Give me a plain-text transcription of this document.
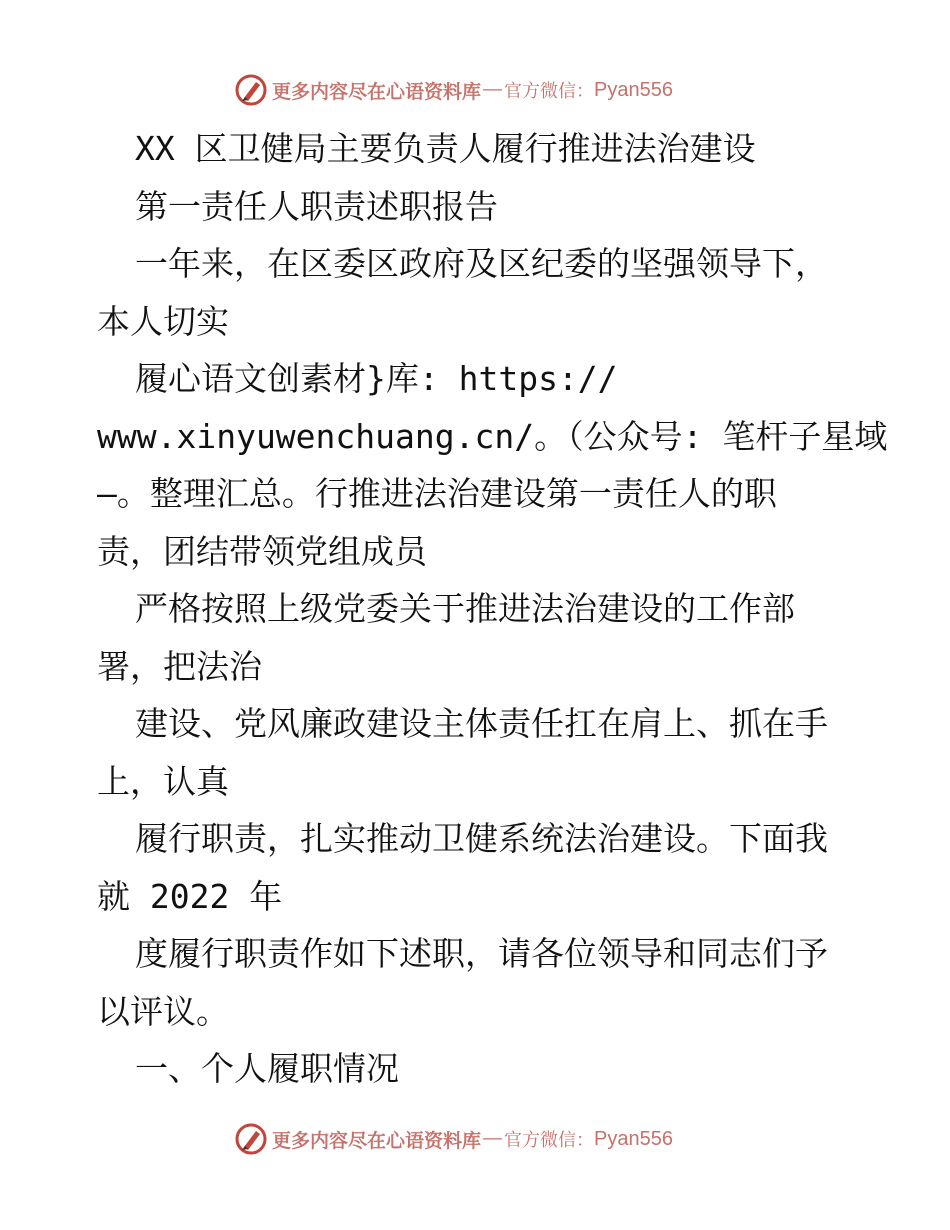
更多内容尽在心语资料库 — 官方微信： Pyan556
XX 区卫健局主要负责人履行推进法治建设
第一责任人职责述职报告
一年来，在区委区政府及区纪委的坚强领导下，
本人切实
履心语文创素材}库: https://
www.xinyuwenchuang.cn/。（公众号: 笔杆子星域
—。整理汇总。行推进法治建设第一责任人的职
责，团结带领党组成员
严格按照上级党委关于推进法治建设的工作部
署，把法治
建设、党风廉政建设主体责任扛在肩上、抓在手
上，认真
履行职责，扎实推动卫健系统法治建设。下面我
就 2022 年
度履行职责作如下述职，请各位领导和同志们予
以评议。
一、个人履职情况
更多内容尽在心语资料库 — 官方微信： Pyan556
